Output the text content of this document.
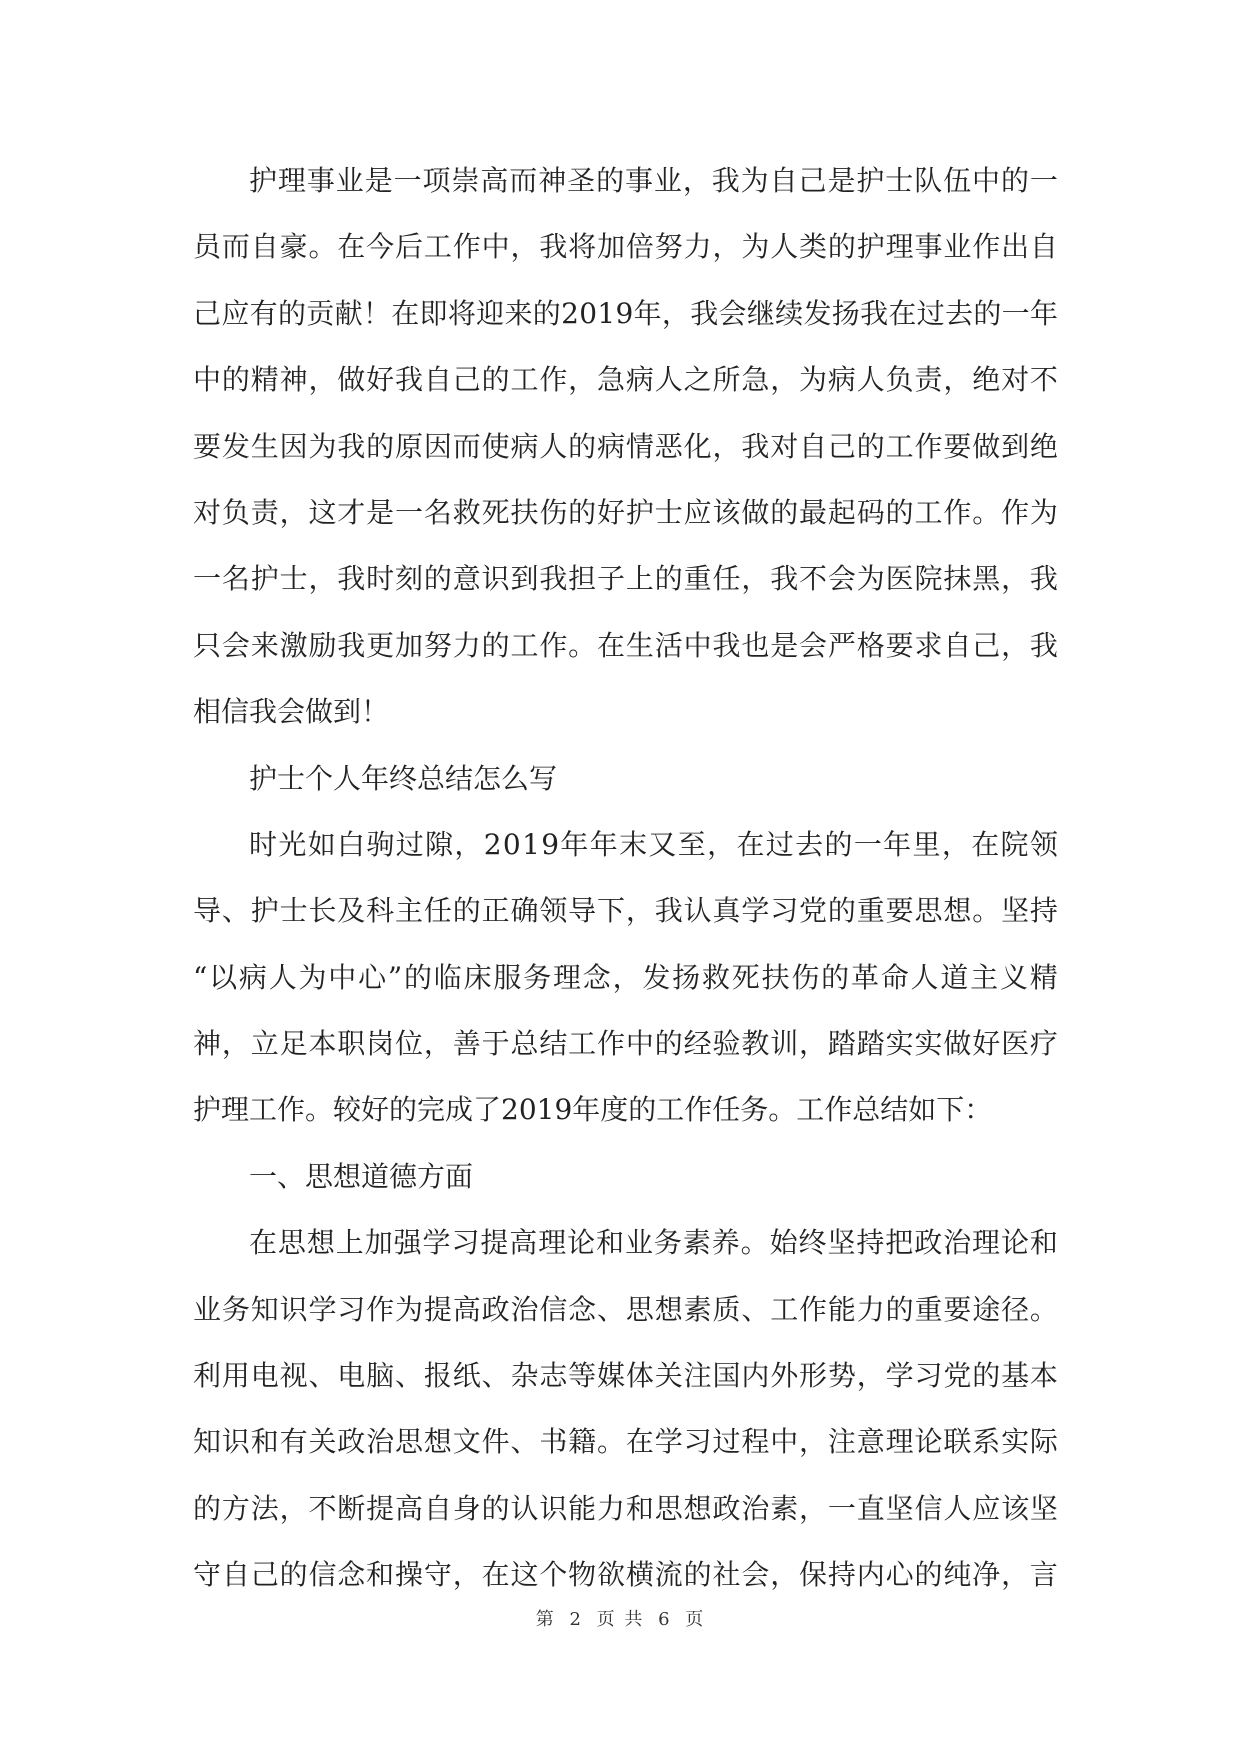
护 理 事 业 是 一 项 崇 高 而 神 圣 的 事 业 ， 我 为 自 己 是 护 士 队 伍 中 的 一
员 而 自 豪 。 在 今 后 工 作 中 ， 我 将 加 倍 努 力 ， 为 人 类 的 护 理 事 业 作 出 自
己 应 有 的 贡 献 ！ 在 即 将 迎 来 的 2 0 1 9 年 ， 我 会 继 续 发 扬 我 在 过 去 的 一 年
中 的 精 神 ， 做 好 我 自 己 的 工 作 ， 急 病 人 之 所 急 ， 为 病 人 负 责 ， 绝 对 不
要 发 生 因 为 我 的 原 因 而 使 病 人 的 病 情 恶 化 ， 我 对 自 己 的 工 作 要 做 到 绝
对 负 责 ， 这 才 是 一 名 救 死 扶 伤 的 好 护 士 应 该 做 的 最 起 码 的 工 作 。 作 为
一 名 护 士 ， 我 时 刻 的 意 识 到 我 担 子 上 的 重 任 ， 我 不 会 为 医 院 抹 黑 ， 我
只 会 来 激 励 我 更 加 努 力 的 工 作 。 在 生 活 中 我 也 是 会 严 格 要 求 自 己 ， 我
相信我会做到！
护士个人年终总结怎么写
时 光 如 白 驹 过 隙 ， 2 0 1 9 年 年 末 又 至 ， 在 过 去 的 一 年 里 ， 在 院 领
导 、 护 士 长 及 科 主 任 的 正 确 领 导 下 ， 我 认 真 学 习 党 的 重 要 思 想 。 坚 持
“ 以 病 人 为 中 心 ” 的 临 床 服 务 理 念 ， 发 扬 救 死 扶 伤 的 革 命 人 道 主 义 精
神 ， 立 足 本 职 岗 位 ， 善 于 总 结 工 作 中 的 经 验 教 训 ， 踏 踏 实 实 做 好 医 疗
护理工作。较好的完成了2019年度的工作任务。工作总结如下：
一、思想道德方面
在 思 想 上 加 强 学 习 提 高 理 论 和 业 务 素 养 。 始 终 坚 持 把 政 治 理 论 和
业 务 知 识 学 习 作 为 提 高 政 治 信 念 、 思 想 素 质 、 工 作 能 力 的 重 要 途 径 。
利 用 电 视 、 电 脑 、 报 纸 、 杂 志 等 媒 体 关 注 国 内 外 形 势 ， 学 习 党 的 基 本
知 识 和 有 关 政 治 思 想 文 件 、 书 籍 。 在 学 习 过 程 中 ， 注 意 理 论 联 系 实 际
的 方 法 ， 不 断 提 高 自 身 的 认 识 能 力 和 思 想 政 治 素 ， 一 直 坚 信 人 应 该 坚
守 自 己 的 信 念 和 操 守 ， 在 这 个 物 欲 横 流 的 社 会 ， 保 持 内 心 的 纯 净 ， 言
第 2 页 共 6 页
